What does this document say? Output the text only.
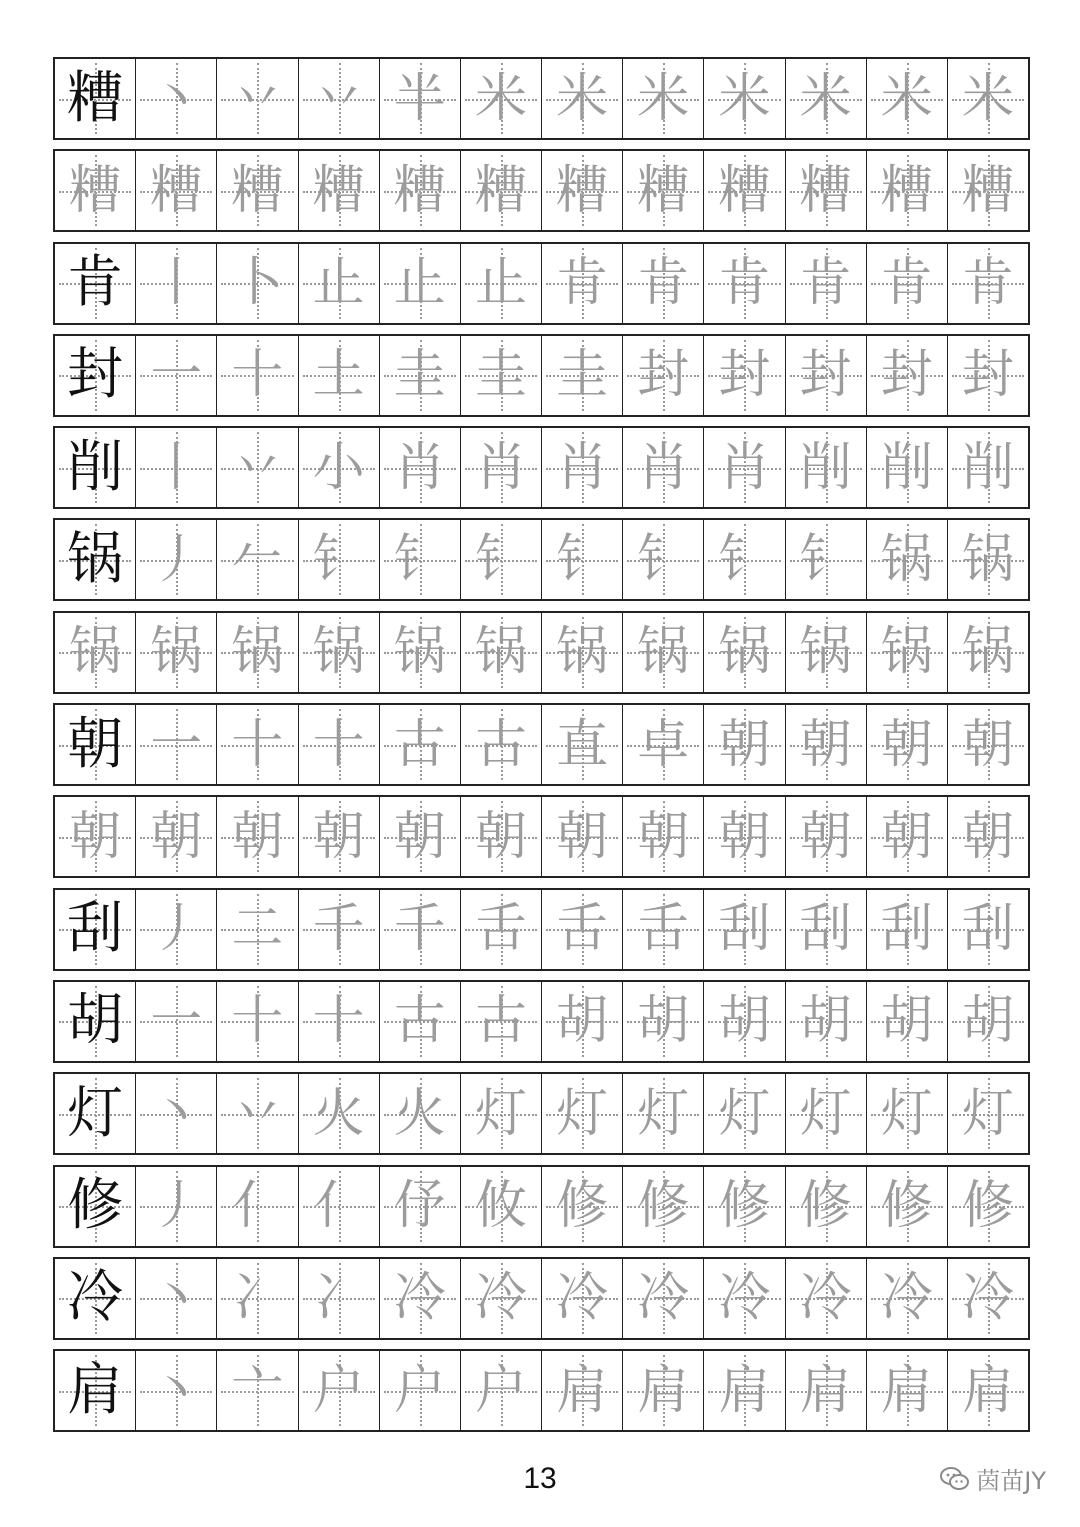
糟 丶 丷 丷 半 米 米 米 米 米 米 米
糟 糟 糟 糟 糟 糟 糟 糟 糟 糟 糟 糟
肯 丨 卜 止 止 止 肯 肯 肯 肯 肯 肯
封 一 十 土 圭 圭 圭 封 封 封 封 封
削 丨 丷 小 肖 肖 肖 肖 肖 削 削 削
锅 丿 𠂉 钅 钅 钅 钅 钅 钅 钅 锅 锅
锅 锅 锅 锅 锅 锅 锅 锅 锅 锅 锅 锅
朝 一 十 十 古 古 直 卓 朝 朝 朝 朝
朝 朝 朝 朝 朝 朝 朝 朝 朝 朝 朝 朝
刮 丿 二 千 千 舌 舌 舌 刮 刮 刮 刮
胡 一 十 十 古 古 胡 胡 胡 胡 胡 胡
灯 丶 丷 火 火 灯 灯 灯 灯 灯 灯 灯
修 丿 亻 亻 伃 攸 修 修 修 修 修 修
冷 丶 冫 冫 冷 冷 冷 冷 冷 冷 冷 冷
肩 丶 亠 户 户 户 肩 肩 肩 肩 肩 肩
13	茵苗JY
